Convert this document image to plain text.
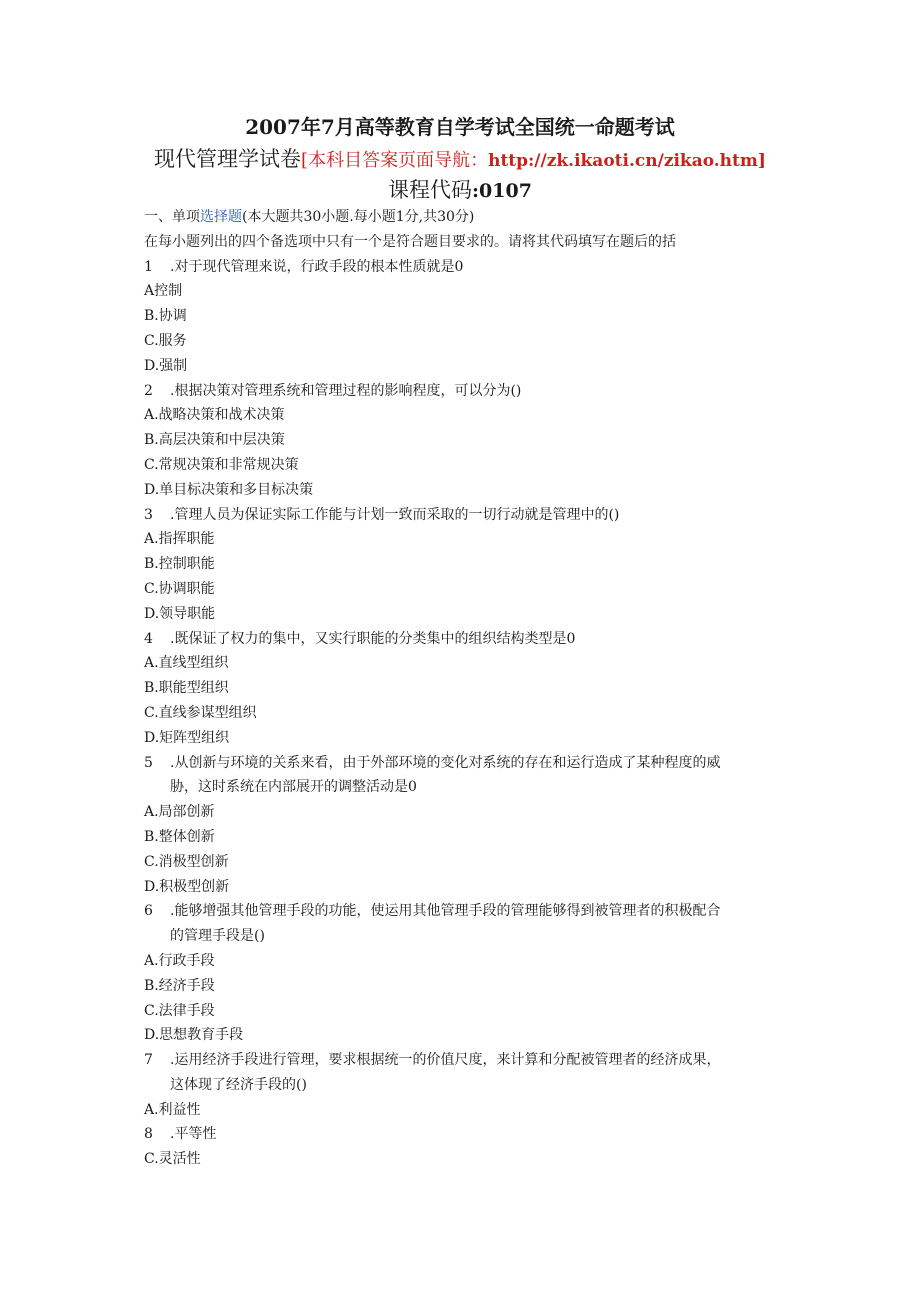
2007年7月高等教育自学考试全国统一命题考试
现代管理学试卷[本科目答案页面导航：http://zk.ikaoti.cn/zikao.htm]
课程代码:0107
一、单项选择题(本大题共30小题.每小题1分,共30分)
在每小题列出的四个备选项中只有一个是符合题目要求的。请将其代码填写在题后的括
1 .对于现代管理来说，行政手段的根本性质就是0
A控制
B.协调
C.服务
D.强制
2 .根据决策对管理系统和管理过程的影响程度，可以分为()
A.战略决策和战术决策
B.高层决策和中层决策
C.常规决策和非常规决策
D.单目标决策和多目标决策
3 .管理人员为保证实际工作能与计划一致而采取的一切行动就是管理中的()
A.指挥职能
B.控制职能
C.协调职能
D.领导职能
4 .既保证了权力的集中，又实行职能的分类集中的组织结构类型是0
A.直线型组织
B.职能型组织
C.直线参谋型组织
D.矩阵型组织
5 .从创新与环境的关系来看，由于外部环境的变化对系统的存在和运行造成了某种程度的威
胁，这时系统在内部展开的调整活动是0
A.局部创新
B.整体创新
C.消极型创新
D.积极型创新
6 .能够增强其他管理手段的功能，使运用其他管理手段的管理能够得到被管理者的积极配合
的管理手段是()
A.行政手段
B.经济手段
C.法律手段
D.思想教育手段
7 .运用经济手段进行管理，要求根据统一的价值尺度，来计算和分配被管理者的经济成果，
这体现了经济手段的()
A.利益性
8 .平等性
C.灵活性
